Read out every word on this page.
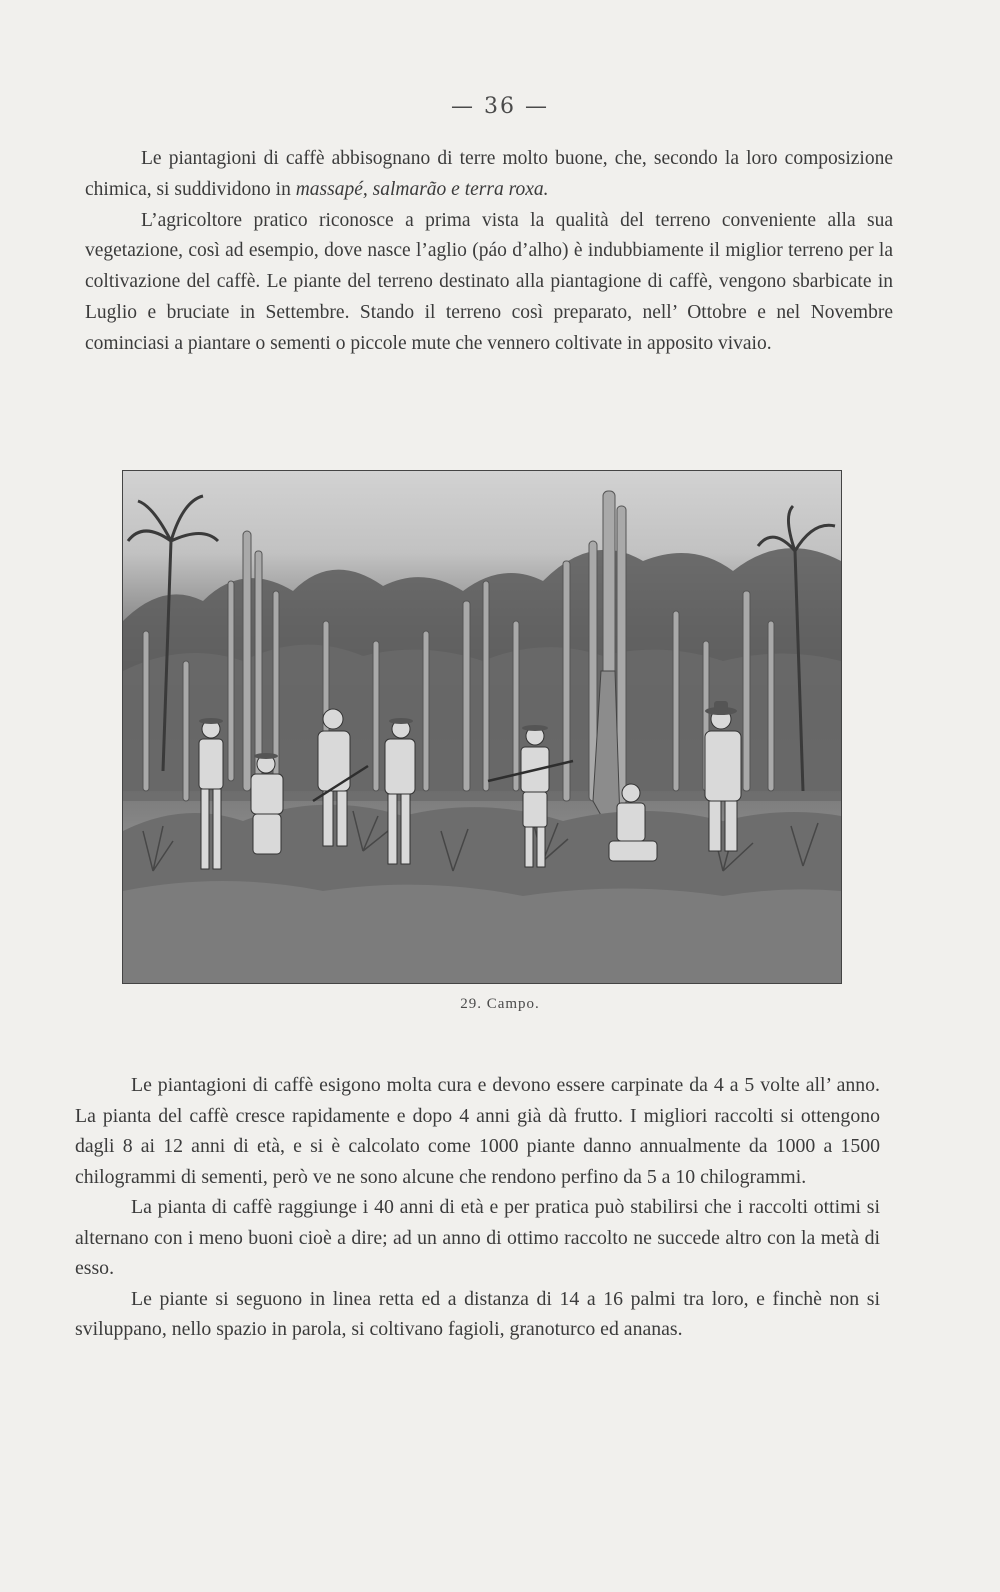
— 36 —

Le piantagioni di caffè abbisognano di terre molto buone, che, secondo la loro composizione chimica, si suddividono in massapé, salmarão e terra roxa.

L’agricoltore pratico riconosce a prima vista la qualità del terreno conveniente alla sua vegetazione, così ad esempio, dove nasce l’aglio (páo d’alho) è indubbiamente il miglior terreno per la coltivazione del caffè. Le piante del terreno destinato alla piantagione di caffè, vengono sbarbicate in Luglio e bruciate in Settembre. Stando il terreno così preparato, nell’ Ottobre e nel Novembre cominciasi a piantare o sementi o piccole mute che vennero coltivate in apposito vivaio.

29. Campo.

Le piantagioni di caffè esigono molta cura e devono essere carpinate da 4 a 5 volte all’ anno. La pianta del caffè cresce rapidamente e dopo 4 anni già dà frutto. I migliori raccolti si ottengono dagli 8 ai 12 anni di età, e si è calcolato come 1000 piante danno annualmente da 1000 a 1500 chilogrammi di sementi, però ve ne sono alcune che rendono perfino da 5 a 10 chilogrammi.

La pianta di caffè raggiunge i 40 anni di età e per pratica può stabilirsi che i raccolti ottimi si alternano con i meno buoni cioè a dire; ad un anno di ottimo raccolto ne succede altro con la metà di esso.

Le piante si seguono in linea retta ed a distanza di 14 a 16 palmi tra loro, e finchè non si sviluppano, nello spazio in parola, si coltivano fagioli, granoturco ed ananas.
